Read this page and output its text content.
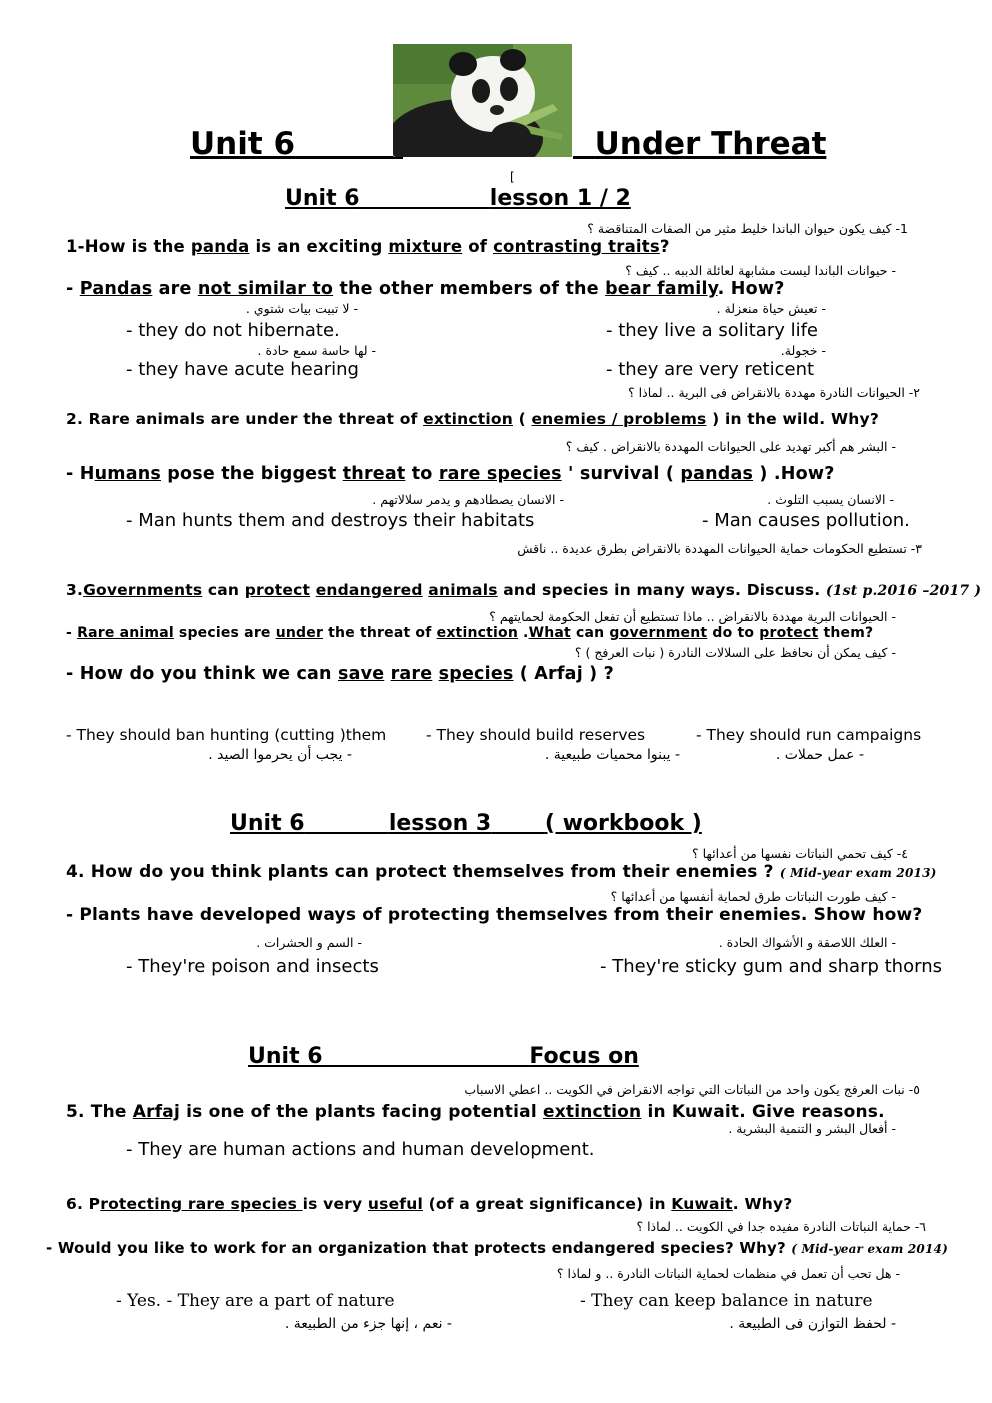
Unit 6	Under Threat
[
Unit 6	lesson 1 / 2
1- كيف يكون حيوان الباندا خليط مثير من الصفات المتناقضة ؟
1-How is the panda is an exciting mixture of contrasting traits?
- حيوانات الباندا ليست مشابهة لعائلة الدببه .. كيف ؟
- Pandas are not similar to the other members of the bear family. How?
- تعيش حياة منعزلة .
- لا تبيت بيات شتوي .
- they live a solitary life
- they do not hibernate.
- خجولة.
- لها حاسة سمع حادة .
- they are very reticent
- they have acute hearing
٢- الحيوانات النادرة مهددة بالانقراض فى البرية .. لماذا ؟
2. Rare animals are under the threat of extinction ( enemies / problems ) in the wild. Why?
- البشر هم أكبر تهديد على الحيوانات المهددة بالانقراض . كيف ؟
- Humans pose the biggest threat to rare species ' survival ( pandas ) .How?
- الانسان يسبب التلوث .
- الانسان يصطادهم و يدمر سلالاتهم .
- Man causes pollution.
- Man hunts them and destroys their habitats
٣- تستطيع الحكومات حماية الحيوانات المهددة بالانقراض بطرق عديدة .. ناقش
3.Governments can protect endangered animals and species in many ways. Discuss. (1st p.2016 –2017 )
- الحيوانات البرية مهددة بالانقراض .. ماذا تستطيع أن تفعل الحكومة لحمايتهم ؟
- Rare animal species are under the threat of extinction .What can government do to protect them?
- كيف يمكن أن نحافظ على السلالات النادرة ( نبات العرفج ) ؟
- How do you think we can save rare species ( Arfaj ) ?
- They should ban hunting (cutting )them	- They should build reserves	- They should run campaigns
- يجب أن يحرموا الصيد .	- يبنوا محميات طبيعية .	- عمل حملات .
Unit 6	lesson 3 ( workbook )
٤- كيف تحمي النباتات نفسها من أعدائها ؟
4. How do you think plants can protect themselves from their enemies ? ( Mid-year exam 2013)
- كيف طورت النباتات طرق لحماية أنفسها من أعدائها ؟
- Plants have developed ways of protecting themselves from their enemies. Show how?
- العلك اللاصقة و الأشواك الحادة .
- السم و الحشرات .
- They're sticky gum and sharp thorns
- They're poison and insects
Unit 6	Focus on
٥- نبات العرفج يكون واحد من النباتات التي تواجه الانقراض في الكويت .. اعطي الاسباب
5. The Arfaj is one of the plants facing potential extinction in Kuwait. Give reasons.
- أفعال البشر و التنمية البشرية .
- They are human actions and human development.
6. Protecting rare species is very useful (of a great significance) in Kuwait. Why?
٦- حماية النباتات النادرة مفيده جدا في الكويت .. لماذا ؟
- Would you like to work for an organization that protects endangered species? Why? ( Mid-year exam 2014)
- هل تحب أن تعمل في منظمات لحماية النباتات النادرة .. و لماذا ؟
- Yes. - They are a part of nature	- They can keep balance in nature
- نعم ، إنها جزء من الطبيعة .	- لحفظ التوازن فى الطبيعة .
